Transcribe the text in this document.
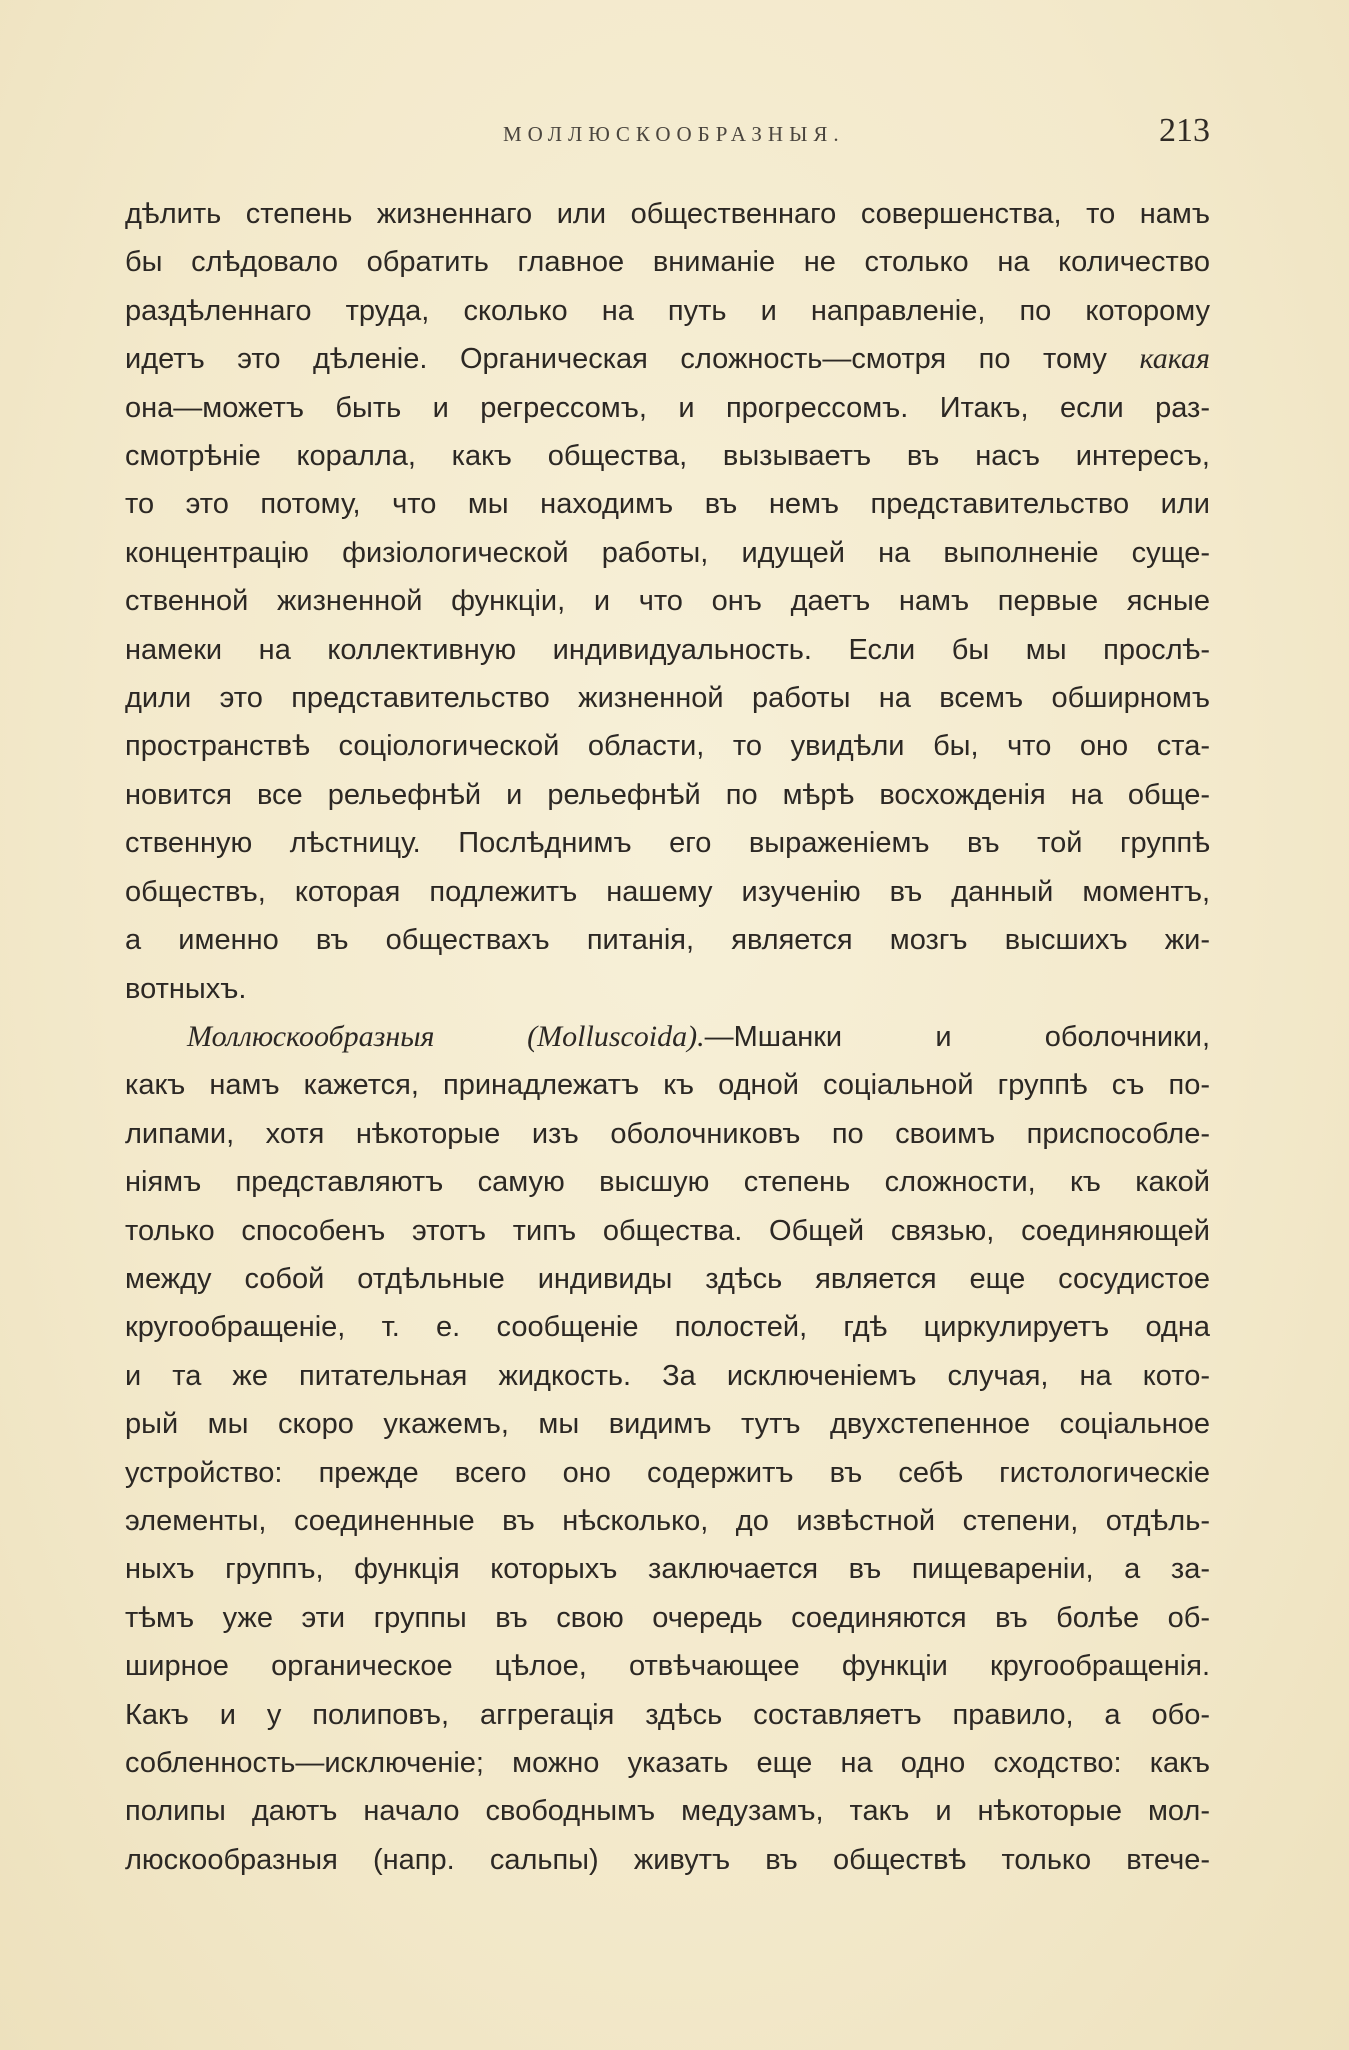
МОЛЛЮСКООБРАЗНЫЯ.	213
дѣлить степень жизненнаго или общественнаго совершенства, то намъ
бы слѣдовало обратить главное вниманіе не столько на количество
раздѣленнаго труда, сколько на путь и направленіе, по которому
идетъ это дѣленіе. Органическая сложность—смотря по тому какая
она—можетъ быть и регрессомъ, и прогрессомъ. Итакъ, если раз-
смотрѣніе коралла, какъ общества, вызываетъ въ насъ интересъ,
то это потому, что мы находимъ въ немъ представительство или
концентрацію физіологической работы, идущей на выполненіе суще-
ственной жизненной функціи, и что онъ даетъ намъ первые ясные
намеки на коллективную индивидуальность. Если бы мы прослѣ-
дили это представительство жизненной работы на всемъ обширномъ
пространствѣ соціологической области, то увидѣли бы, что оно ста-
новится все рельефнѣй и рельефнѣй по мѣрѣ восхожденія на обще-
ственную лѣстницу. Послѣднимъ его выраженіемъ въ той группѣ
обществъ, которая подлежитъ нашему изученію въ данный моментъ,
а именно въ обществахъ питанія, является мозгъ высшихъ жи-
вотныхъ.
Моллюскообразныя (Molluscoida).—Мшанки и оболочники,
какъ намъ кажется, принадлежатъ къ одной соціальной группѣ съ по-
липами, хотя нѣкоторые изъ оболочниковъ по своимъ приспособле-
ніямъ представляютъ самую высшую степень сложности, къ какой
только способенъ этотъ типъ общества. Общей связью, соединяющей
между собой отдѣльные индивиды здѣсь является еще сосудистое
кругообращеніе, т. е. сообщеніе полостей, гдѣ циркулируетъ одна
и та же питательная жидкость. За исключеніемъ случая, на кото-
рый мы скоро укажемъ, мы видимъ тутъ двухстепенное соціальное
устройство: прежде всего оно содержитъ въ себѣ гистологическіе
элементы, соединенные въ нѣсколько, до извѣстной степени, отдѣль-
ныхъ группъ, функція которыхъ заключается въ пищевареніи, а за-
тѣмъ уже эти группы въ свою очередь соединяются въ болѣе об-
ширное органическое цѣлое, отвѣчающее функціи кругообращенія.
Какъ и у полиповъ, аггрегація здѣсь составляетъ правило, а обо-
собленность—исключеніе; можно указать еще на одно сходство: какъ
полипы даютъ начало свободнымъ медузамъ, такъ и нѣкоторые мол-
люскообразныя (напр. сальпы) живутъ въ обществѣ только втече-
